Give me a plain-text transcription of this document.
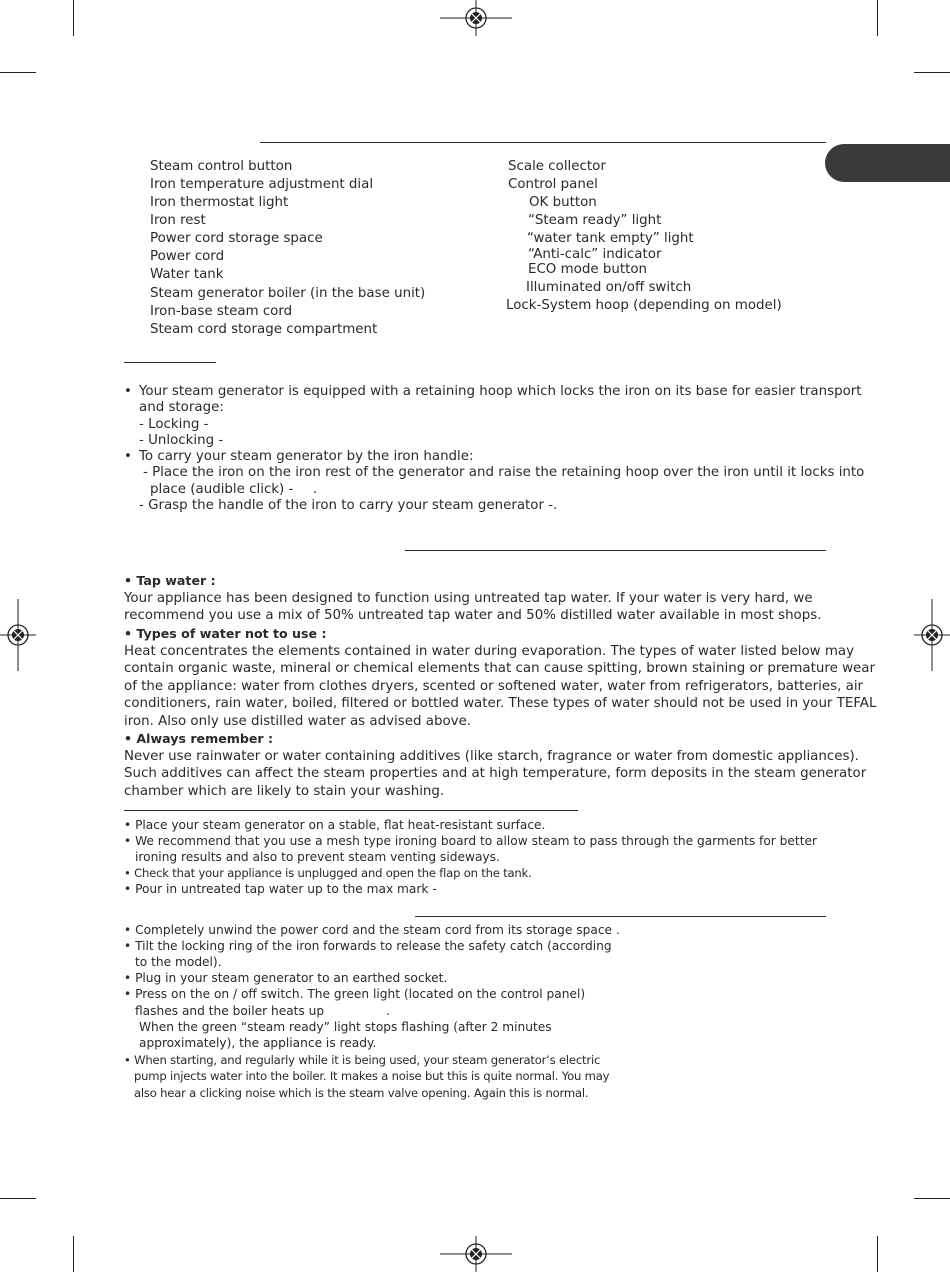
Steam control button
Iron temperature adjustment dial
Iron thermostat light
Iron rest
Power cord storage space
Power cord
Water tank
Steam generator boiler (in the base unit)
Iron-base steam cord
Steam cord storage compartment
Scale collector
Control panel
OK button
“Steam ready” light
“water tank empty” light
“Anti-calc” indicator
ECO mode button
Illuminated on/off switch
Lock-System hoop (depending on model)
• Your steam generator is equipped with a retaining hoop which locks the iron on its base for easier transport
and storage:
- Locking -
- Unlocking -
• To carry your steam generator by the iron handle:
- Place the iron on the iron rest of the generator and raise the retaining hoop over the iron until it locks into
place (audible click) - .
- Grasp the handle of the iron to carry your steam generator - .
• Tap water :
Your appliance has been designed to function using untreated tap water. If your water is very hard, we
recommend you use a mix of 50% untreated tap water and 50% distilled water available in most shops.
• Types of water not to use :
Heat concentrates the elements contained in water during evaporation. The types of water listed below may
contain organic waste, mineral or chemical elements that can cause spitting, brown staining or premature wear
of the appliance: water from clothes dryers, scented or softened water, water from refrigerators, batteries, air
conditioners, rain water, boiled, filtered or bottled water. These types of water should not be used in your TEFAL
iron. Also only use distilled water as advised above.
• Always remember :
Never use rainwater or water containing additives (like starch, fragrance or water from domestic appliances).
Such additives can affect the steam properties and at high temperature, form deposits in the steam generator
chamber which are likely to stain your washing.
• Place your steam generator on a stable, flat heat-resistant surface.
• We recommend that you use a mesh type ironing board to allow steam to pass through the garments for better
ironing results and also to prevent steam venting sideways.
• Check that your appliance is unplugged and open the flap on the tank.
• Pour in untreated tap water up to the max mark -
• Completely unwind the power cord and the steam cord from its storage space .
• Tilt the locking ring of the iron forwards to release the safety catch (according
to the model).
• Plug in your steam generator to an earthed socket.
• Press on the on / off switch. The green light (located on the control panel)
flashes and the boiler heats up	.
When the green “steam ready” light stops flashing (after 2 minutes
approximately), the appliance is ready.
• When starting, and regularly while it is being used, your steam generator’s electric
pump injects water into the boiler. It makes a noise but this is quite normal. You may
also hear a clicking noise which is the steam valve opening. Again this is normal.
